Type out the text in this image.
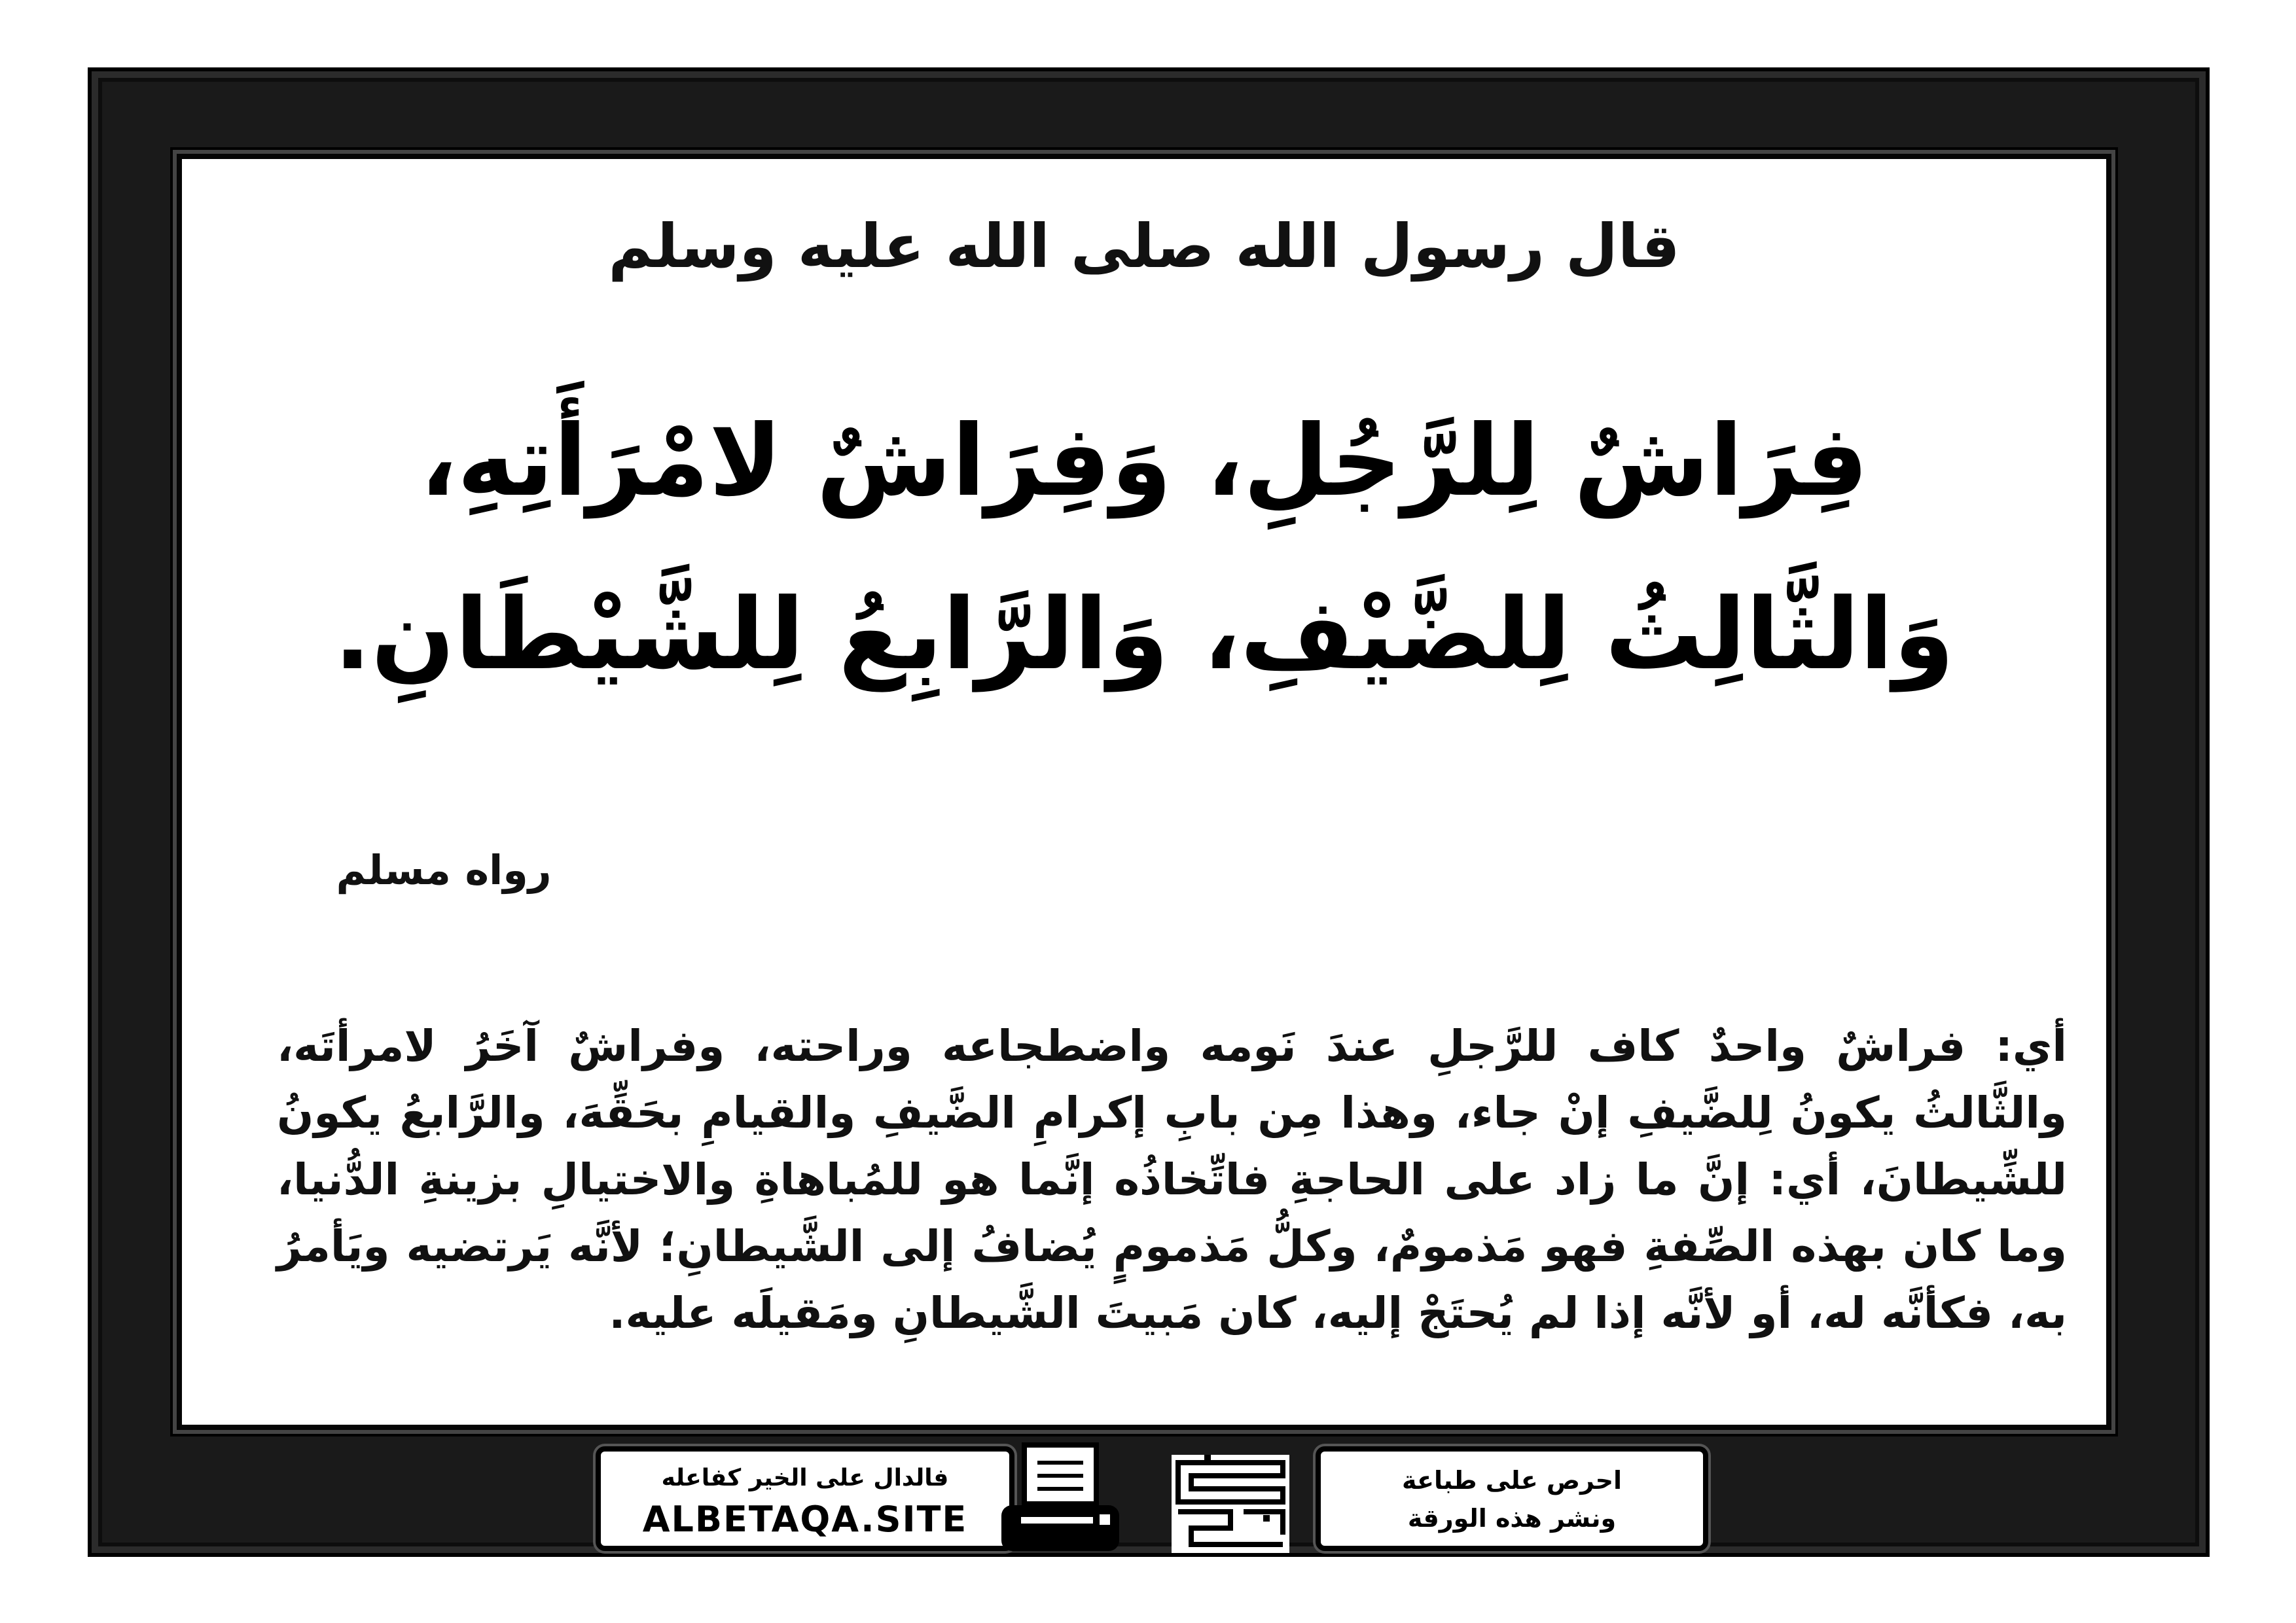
قال رسول الله صلى الله عليه وسلم
فِرَاشٌ لِلرَّجُلِ، وَفِرَاشٌ لامْرَأَتِهِ،
وَالثَّالِثُ لِلضَّيْفِ، وَالرَّابِعُ لِلشَّيْطَانِ.
رواه مسلم
أي: فراشٌ واحدٌ كاف للرَّجلِ عندَ نَومه واضطجاعه وراحته، وفراشٌ آخَرُ لامرأتَه، والثَّالثُ يكونُ لِلضَّيفِ إنْ جاء، وهذا مِن بابِ إكرامِ الضَّيفِ والقيامِ بحَقِّهَ، والرَّابعُ يكونُ للشِّيطانَ، أي: إنَّ ما زاد على الحاجةِ فاتِّخاذُه إنَّما هو للمُباهاةِ والاختيالِ بزينةِ الدُّنيا، وما كان بهذه الصِّفةِ فهو مَذمومٌ، وكلُّ مَذمومٍ يُضافُ إلى الشَّيطانِ؛ لأنَّه يَرتضيه ويَأمرُ به، فكأنَّه له، أو لأنَّه إذا لم يُحتَجْ إليه، كان مَبيتَ الشَّيطانِ ومَقيلَه عليه.
فالدال على الخير كفاعله
ALBETAQA.SITE
احرص على طباعة
ونشر هذه الورقة
